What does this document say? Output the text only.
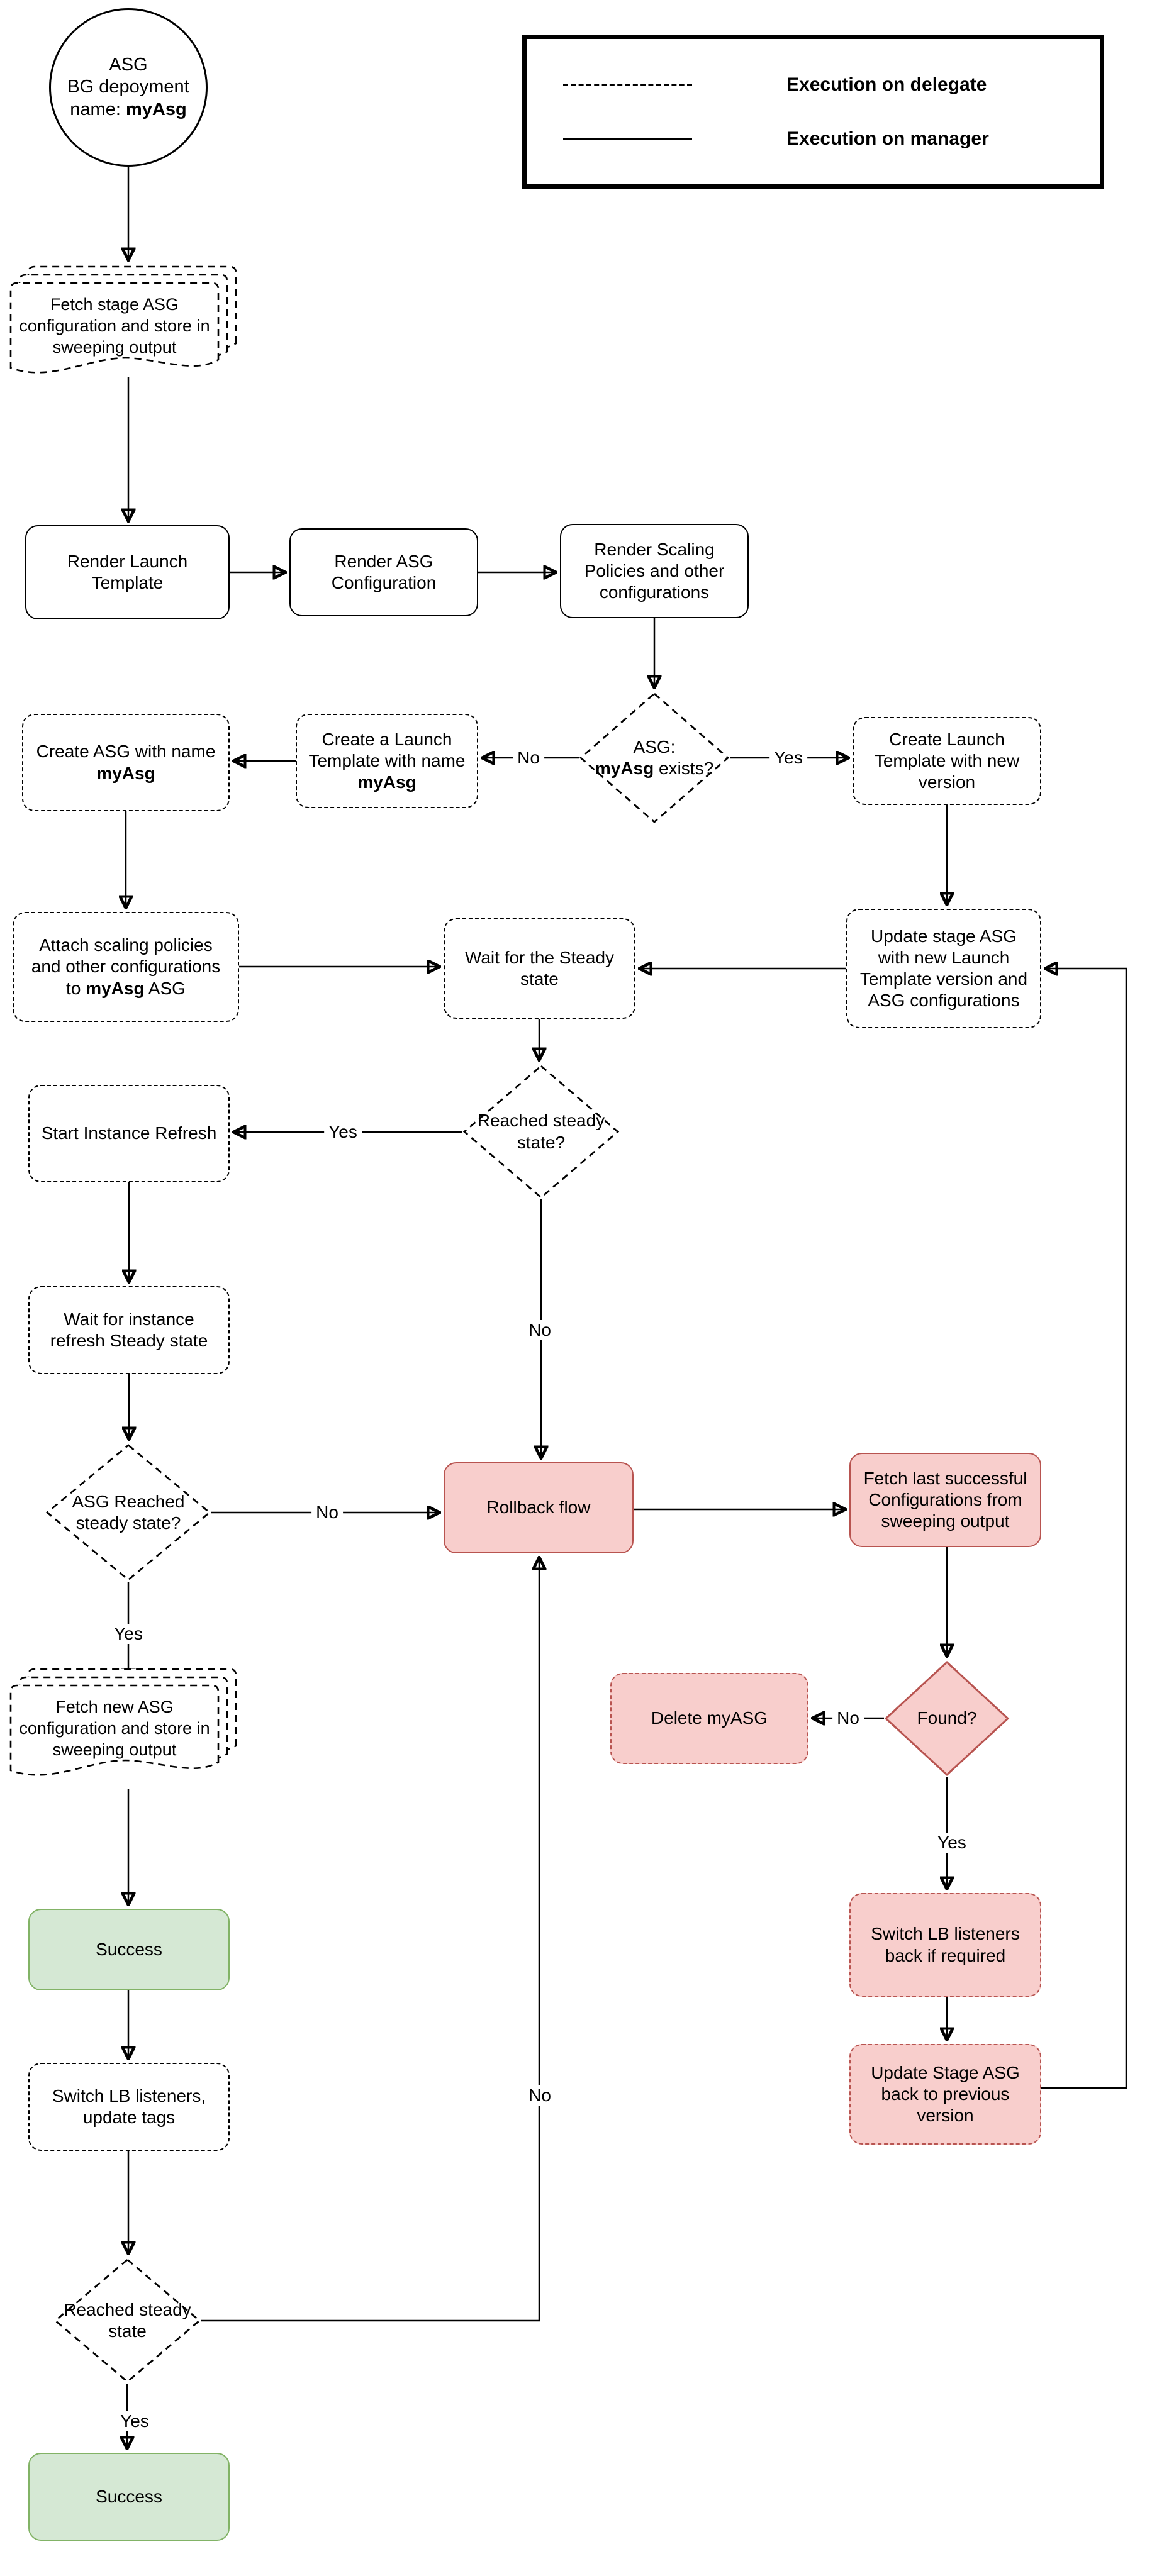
Execution on delegate
Execution on manager
No	Yes
Yes
No
No
Yes
No
Yes
No
Yes
ASG
BG depoyment
name: myAsg
Fetch stage ASG configuration and store in sweeping output
Render Launch Template
Render ASG Configuration
Render Scaling Policies and other configurations
ASG:
myAsg exists?
Create Launch Template with new version
Create a Launch Template with name myAsg
Create ASG with name myAsg
Attach scaling policies and other configurations to myAsg ASG
Wait for the Steady state
Update stage ASG with new Launch Template version and ASG configurations
Reached steady state?
Start Instance Refresh
Wait for instance refresh Steady state
ASG Reached steady state?
Rollback flow
Fetch last successful Configurations from sweeping output
Found?
Delete myASG
Fetch new ASG configuration and store in sweeping output
Success
Switch LB listeners, update tags
Switch LB listeners back if required
Update Stage ASG back to previous version
Reached steady state
Success
